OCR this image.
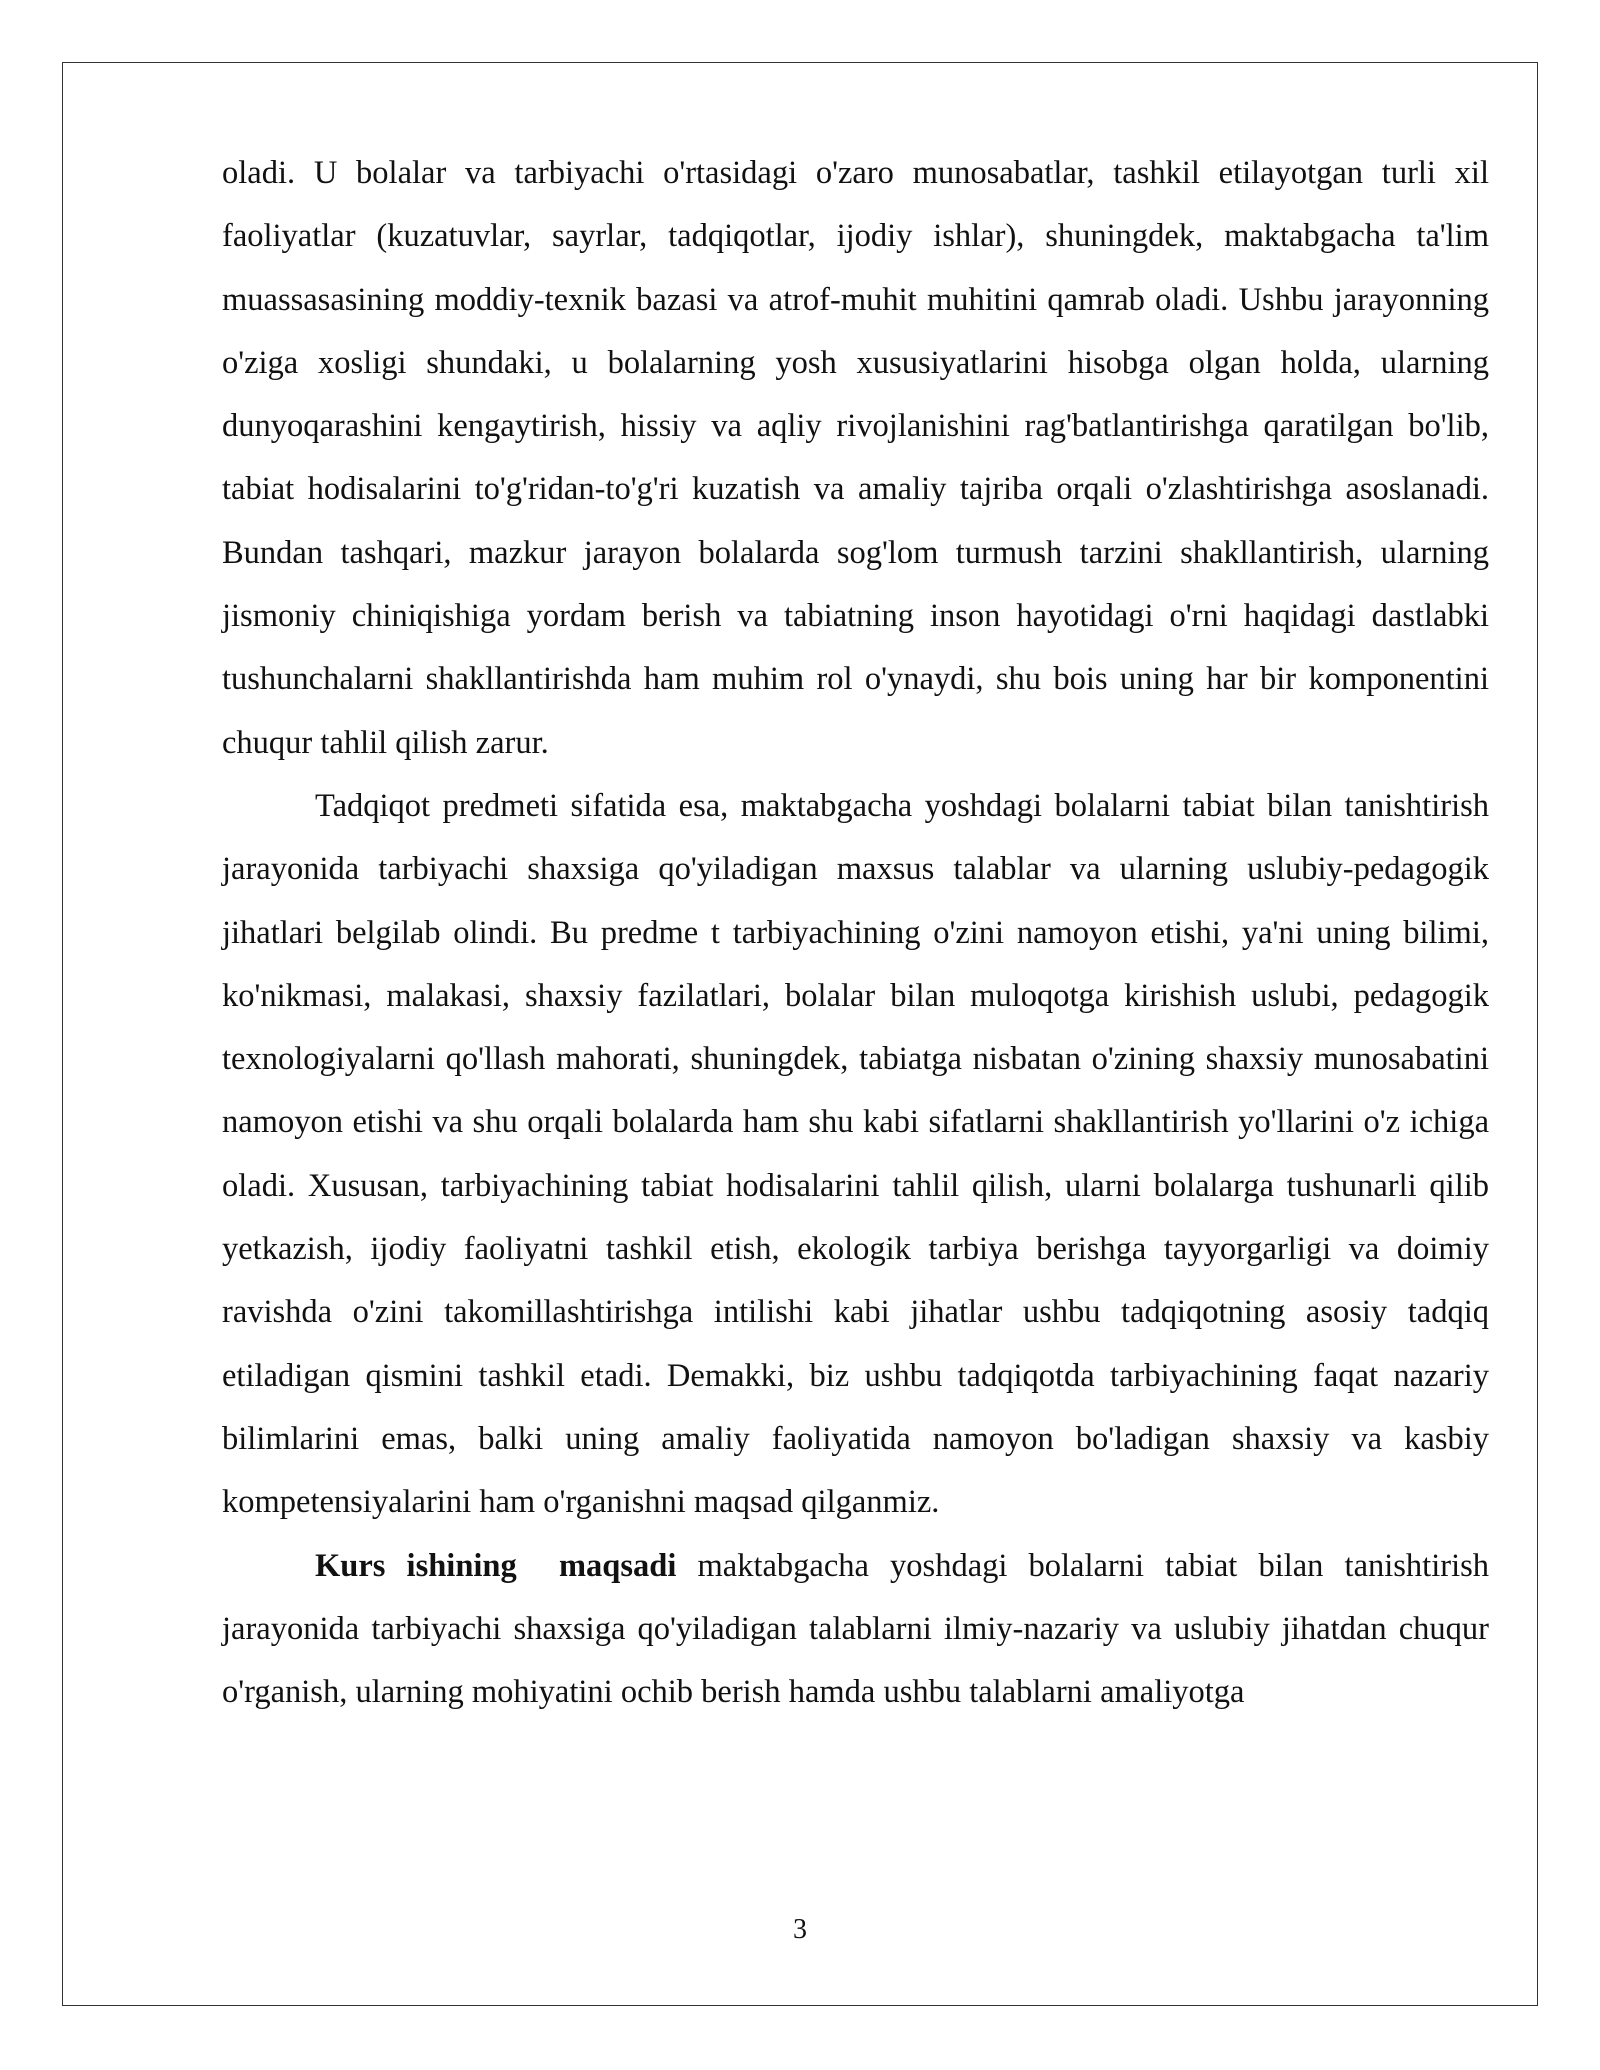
oladi. U bolalar va tarbiyachi o'rtasidagi o'zaro munosabatlar, tashkil etilayotgan turli xil faoliyatlar (kuzatuvlar, sayrlar, tadqiqotlar, ijodiy ishlar), shuningdek, maktabgacha ta'lim muassasasining moddiy-texnik bazasi va atrof-muhit muhitini qamrab oladi. Ushbu jarayonning o'ziga xosligi shundaki, u bolalarning yosh xususiyatlarini hisobga olgan holda, ularning dunyoqarashini kengaytirish, hissiy va aqliy rivojlanishini rag'batlantirishga qaratilgan bo'lib, tabiat hodisalarini to'g'ridan-to'g'ri kuzatish va amaliy tajriba orqali o'zlashtirishga asoslanadi. Bundan tashqari, mazkur jarayon bolalarda sog'lom turmush tarzini shakllantirish, ularning jismoniy chiniqishiga yordam berish va tabiatning inson hayotidagi o'rni haqidagi dastlabki tushunchalarni shakllantirishda ham muhim rol o'ynaydi, shu bois uning har bir komponentini chuqur tahlil qilish zarur.

Tadqiqot predmeti sifatida esa, maktabgacha yoshdagi bolalarni tabiat bilan tanishtirish jarayonida tarbiyachi shaxsiga qo'yiladigan maxsus talablar va ularning uslubiy-pedagogik jihatlari belgilab olindi. Bu predme t tarbiyachining o'zini namoyon etishi, ya'ni uning bilimi, ko'nikmasi, malakasi, shaxsiy fazilatlari, bolalar bilan muloqotga kirishish uslubi, pedagogik texnologiyalarni qo'llash mahorati, shuningdek, tabiatga nisbatan o'zining shaxsiy munosabatini namoyon etishi va shu orqali bolalarda ham shu kabi sifatlarni shakllantirish yo'llarini o'z ichiga oladi. Xususan, tarbiyachining tabiat hodisalarini tahlil qilish, ularni bolalarga tushunarli qilib yetkazish, ijodiy faoliyatni tashkil etish, ekologik tarbiya berishga tayyorgarligi va doimiy ravishda o'zini takomillashtirishga intilishi kabi jihatlar ushbu tadqiqotning asosiy tadqiq etiladigan qismini tashkil etadi. Demakki, biz ushbu tadqiqotda tarbiyachining faqat nazariy bilimlarini emas, balki uning amaliy faoliyatida namoyon bo'ladigan shaxsiy va kasbiy kompetensiyalarini ham o'rganishni maqsad qilganmiz.

Kurs ishining  maqsadi maktabgacha yoshdagi bolalarni tabiat bilan tanishtirish jarayonida tarbiyachi shaxsiga qo'yiladigan talablarni ilmiy-nazariy va uslubiy jihatdan chuqur o'rganish, ularning mohiyatini ochib berish hamda ushbu talablarni amaliyotga

3
